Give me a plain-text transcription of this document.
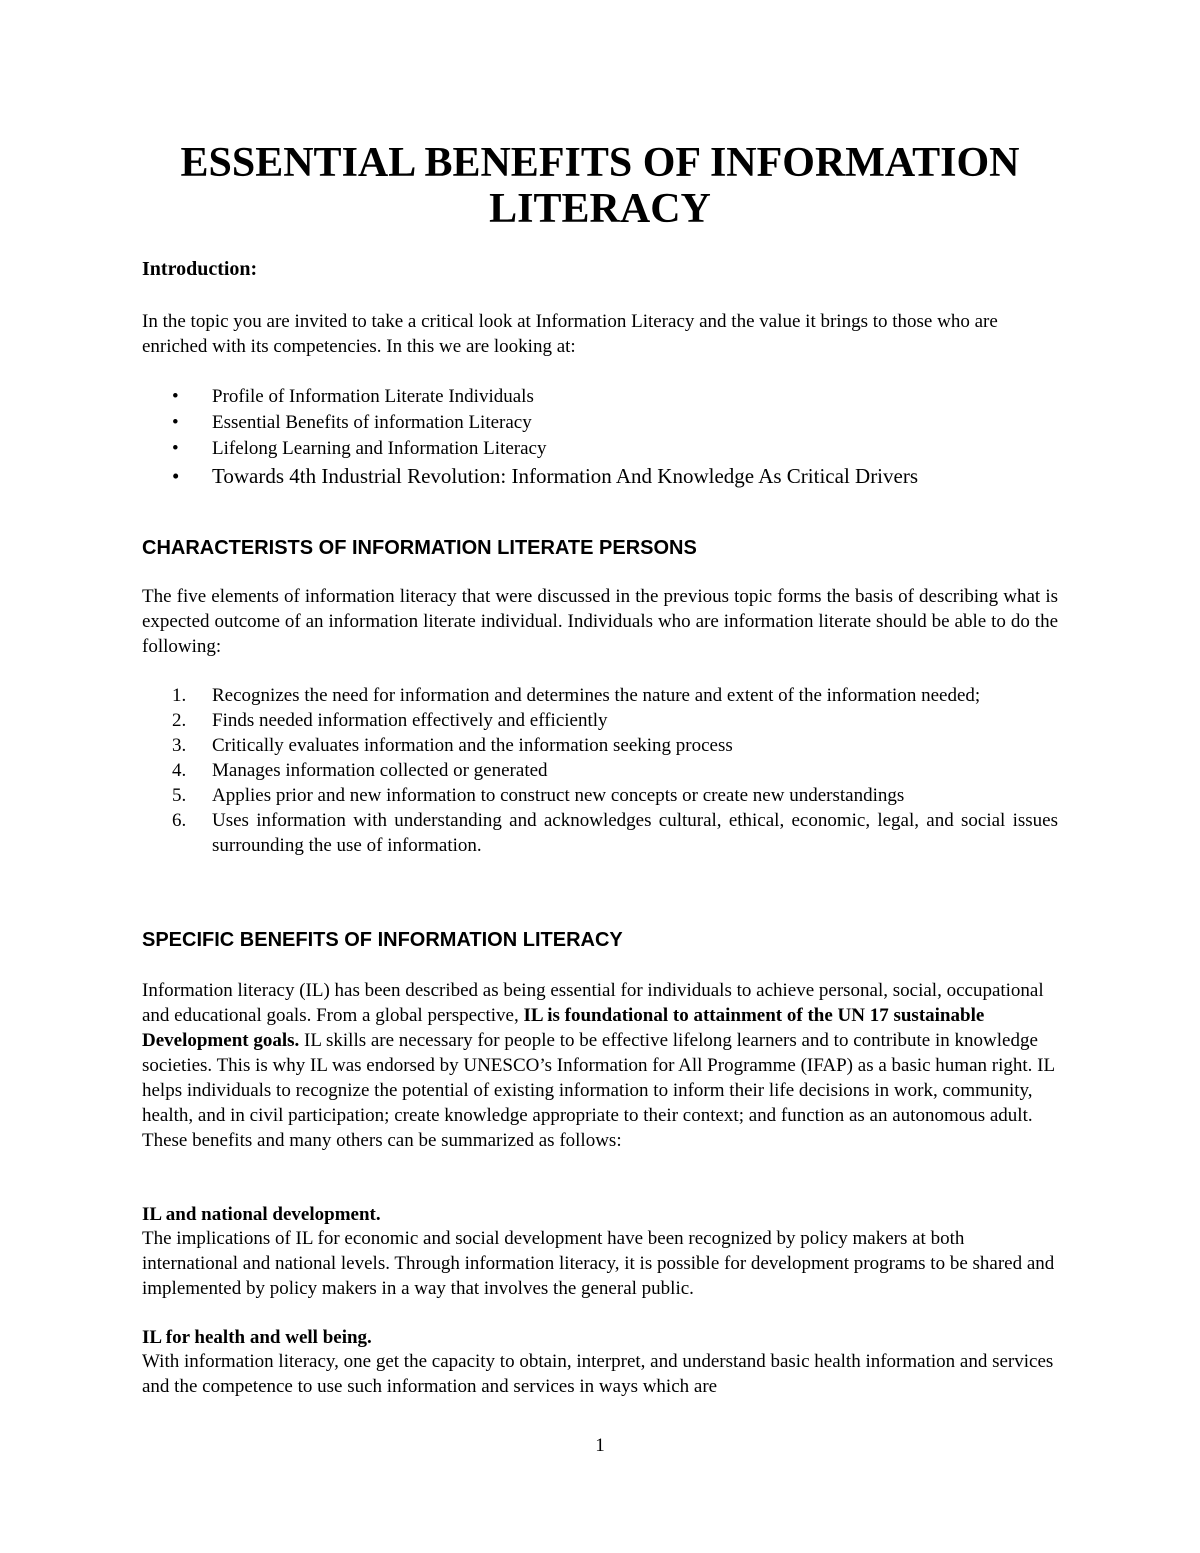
ESSENTIAL BENEFITS OF INFORMATION
LITERACY
Introduction:

In the topic you are invited to take a critical look at Information Literacy and the value it brings to those who are enriched with its competencies. In this we are looking at:

• Profile of Information Literate Individuals
• Essential Benefits of information Literacy
• Lifelong Learning and Information Literacy
• Towards 4th Industrial Revolution: Information And Knowledge As Critical Drivers
CHARACTERISTS OF INFORMATION LITERATE PERSONS

The five elements of information literacy that were discussed in the previous topic forms the basis of describing what is expected outcome of an information literate individual. Individuals who are information literate should be able to do the following:

1. Recognizes the need for information and determines the nature and extent of the information needed;
2. Finds needed information effectively and efficiently
3. Critically evaluates information and the information seeking process
4. Manages information collected or generated
5. Applies prior and new information to construct new concepts or create new understandings
6. Uses information with understanding and acknowledges cultural, ethical, economic, legal, and social issues surrounding the use of information.
SPECIFIC BENEFITS OF INFORMATION LITERACY

Information literacy (IL) has been described as being essential for individuals to achieve personal, social, occupational and educational goals. From a global perspective, IL is foundational to attainment of the UN 17 sustainable Development goals. IL skills are necessary for people to be effective lifelong learners and to contribute in knowledge societies. This is why IL was endorsed by UNESCO’s Information for All Programme (IFAP) as a basic human right. IL helps individuals to recognize the potential of existing information to inform their life decisions in work, community, health, and in civil participation; create knowledge appropriate to their context; and function as an autonomous adult. These benefits and many others can be summarized as follows:

IL and national development.

The implications of IL for economic and social development have been recognized by policy makers at both international and national levels. Through information literacy, it is possible for development programs to be shared and implemented by policy makers in a way that involves the general public.

IL for health and well being.

With information literacy, one get the capacity to obtain, interpret, and understand basic health information and services and the competence to use such information and services in ways which are

1
